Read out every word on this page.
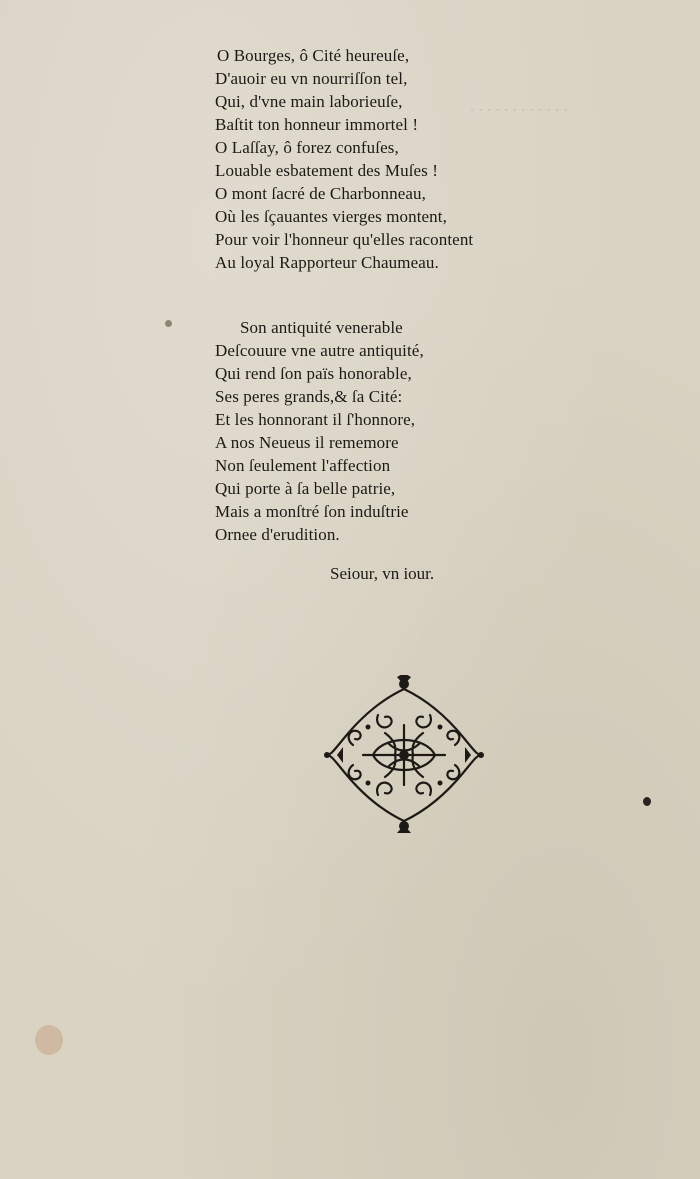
. . . . . . . . . . . .
O Bourges, ô Cité heureuſe,
D'auoir eu vn nourriſſon tel,
Qui, d'vne main laborieuſe,
Baſtit ton honneur immortel !
O Laſſay, ô forez confuſes,
Louable esbatement des Muſes !
O mont ſacré de Charbonneau,
Où les ſçauantes vierges montent,
Pour voir l'honneur qu'elles racontent
Au loyal Rapporteur Chaumeau.
Son antiquité venerable
Deſcouure vne autre antiquité,
Qui rend ſon païs honorable,
Ses peres grands,& ſa Cité:
Et les honnorant il ſ'honnore,
A nos Neueus il rememore
Non ſeulement l'affection
Qui porte à ſa belle patrie,
Mais a monſtré ſon induſtrie
Ornee d'erudition.
Seiour, vn iour.
